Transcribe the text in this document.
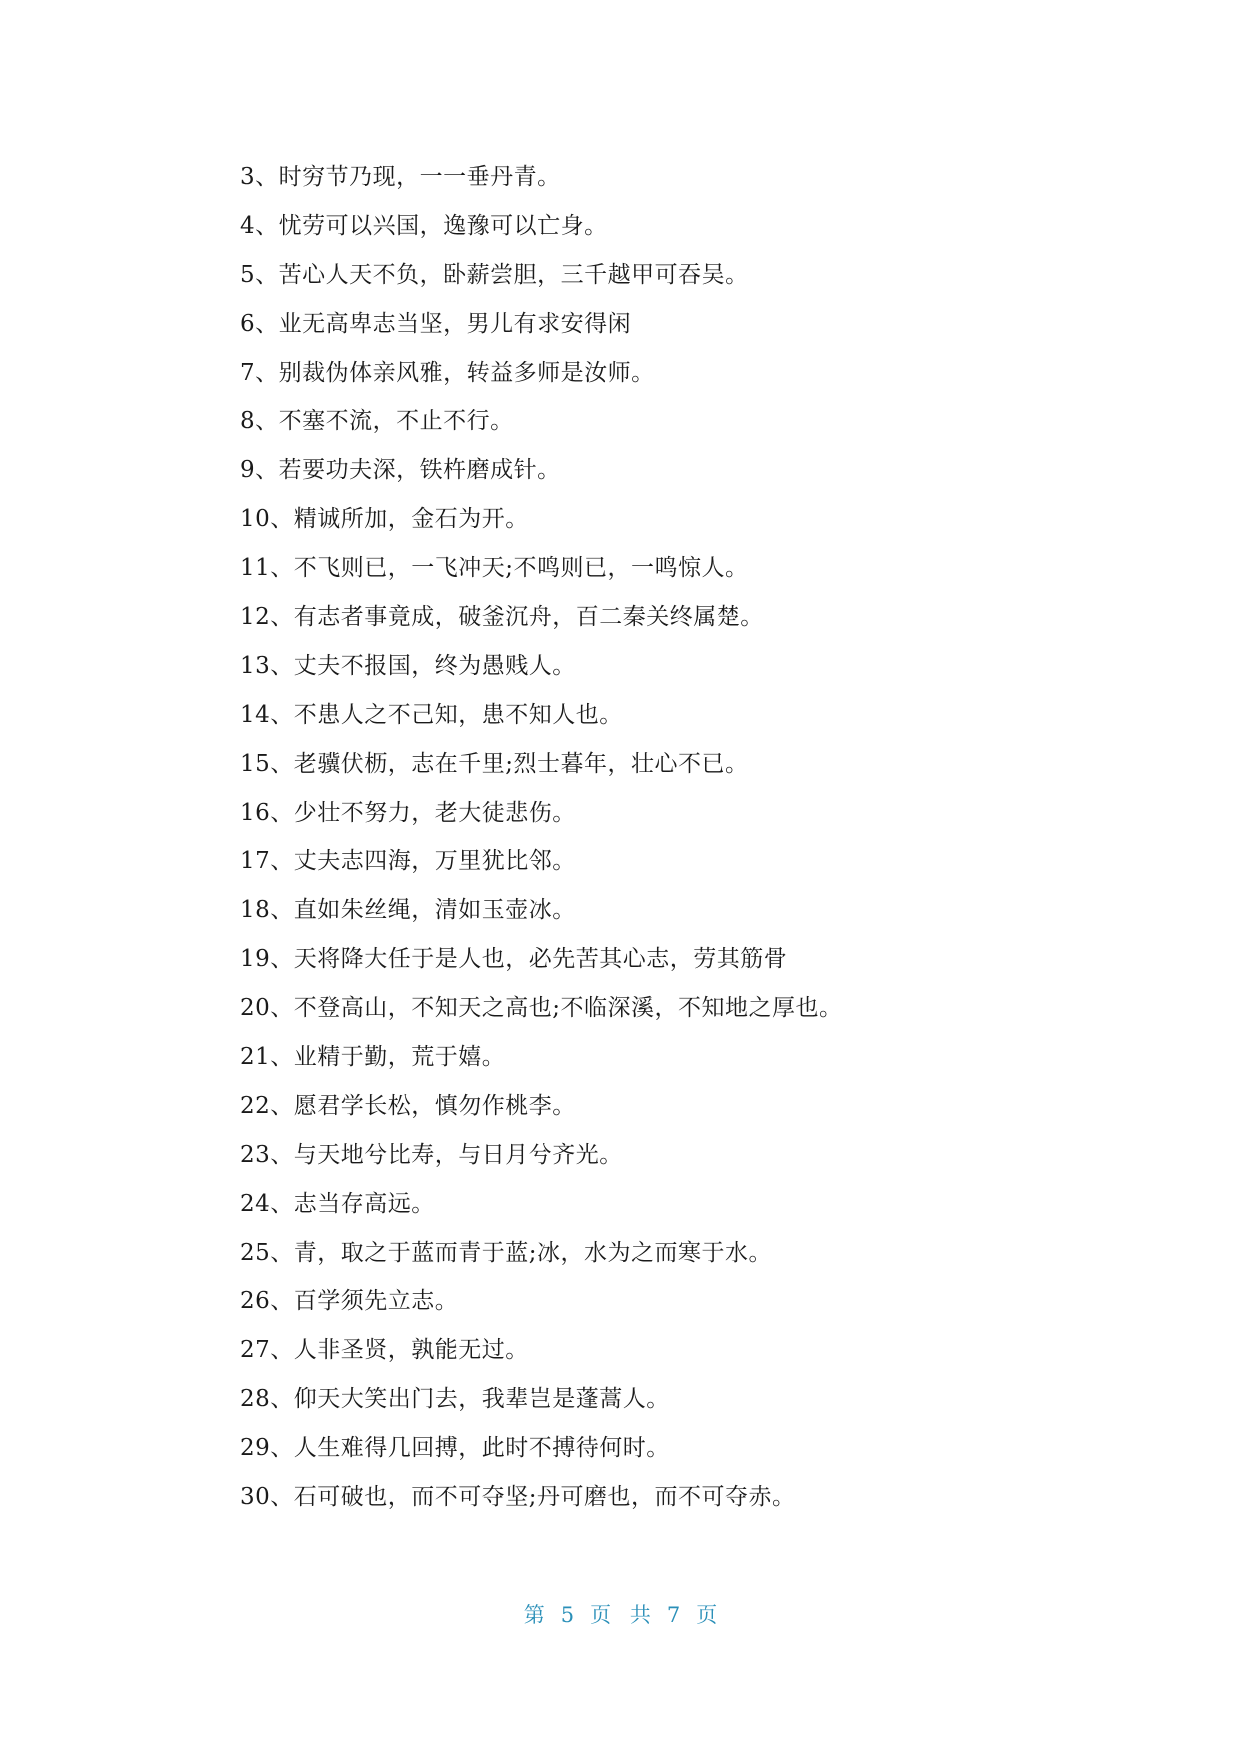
3 、 时穷节乃现，一一垂丹青。
4 、 忧劳可以兴国，逸豫可以亡身。
5 、 苦心人天不负，卧薪尝胆，三千越甲可吞吴。
6 、 业无高卑志当坚，男儿有求安得闲
7 、 别裁伪体亲风雅，转益多师是汝师。
8 、 不塞不流，不止不行。
9 、 若要功夫深，铁杵磨成针。
10 、 精诚所加，金石为开。
11 、 不飞则已，一飞冲天;不鸣则已，一鸣惊人。
12 、 有志者事竟成，破釜沉舟，百二秦关终属楚。
13 、 丈夫不报国，终为愚贱人。
14 、 不患人之不己知，患不知人也。
15 、 老骥伏枥，志在千里;烈士暮年，壮心不已。
16 、 少壮不努力，老大徒悲伤。
17 、 丈夫志四海，万里犹比邻。
18 、 直如朱丝绳，清如玉壶冰。
19 、 天将降大任于是人也，必先苦其心志，劳其筋骨
20 、 不登高山，不知天之高也;不临深溪，不知地之厚也。
21 、 业精于勤，荒于嬉。
22 、 愿君学长松，慎勿作桃李。
23 、 与天地兮比寿，与日月兮齐光。
24 、 志当存高远。
25 、 青，取之于蓝而青于蓝;冰，水为之而寒于水。
26 、 百学须先立志。
27 、 人非圣贤，孰能无过。
28 、 仰天大笑出门去，我辈岂是蓬蒿人。
29 、 人生难得几回搏，此时不搏待何时。
30 、 石可破也，而不可夺坚;丹可磨也，而不可夺赤。
第 5 页 共 7 页
